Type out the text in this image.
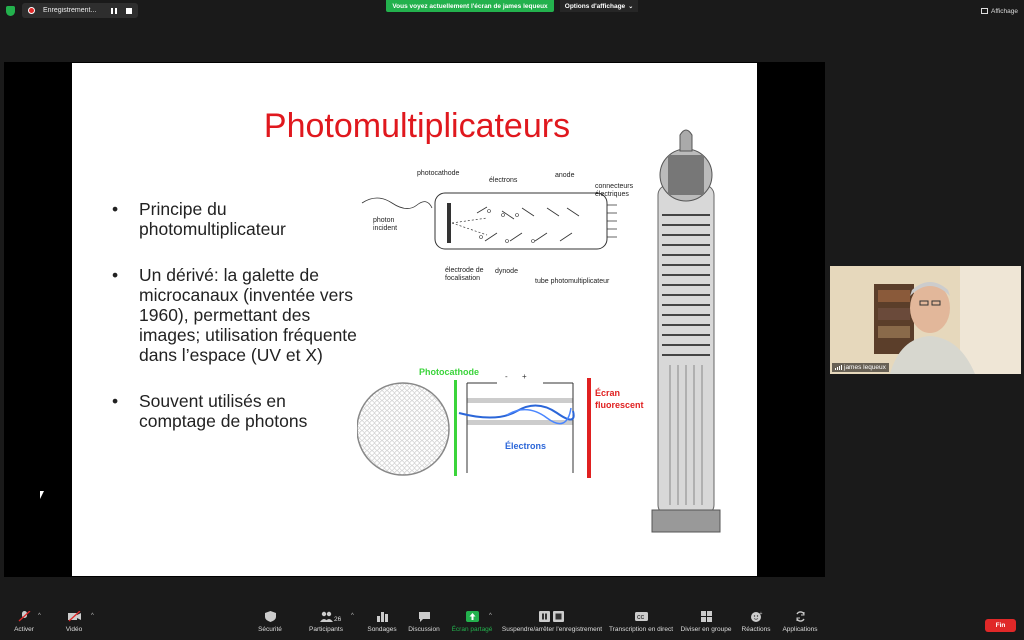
Enregistrement...
Vous voyez actuellement l'écran de james lequeux	Options d'affichage ⌄
Affichage
Photomultiplicateurs
• Principe du photomultiplicateur
• Un dérivé: la galette de microcanaux (inventée vers 1960), permettant des images; utilisation fréquente dans l’espace (UV et X)
• Souvent utilisés en comptage de photons
photocathode
électrons
anode
connecteurs
électriques
photon
incident
électrode de
focalisation
dynode
tube photomultiplicateur
Photocathode	- +
Écran
fluorescent
Électrons
james lequeux
Activer
^
Vidéo
^
Sécurité	Participants
26 ^
Sondages Discussion Écran partagé
^
Suspendre/arrêter l'enregistrement
CC
Transcription en direct Diviser en groupe
+
Réactions Applications
Fin
